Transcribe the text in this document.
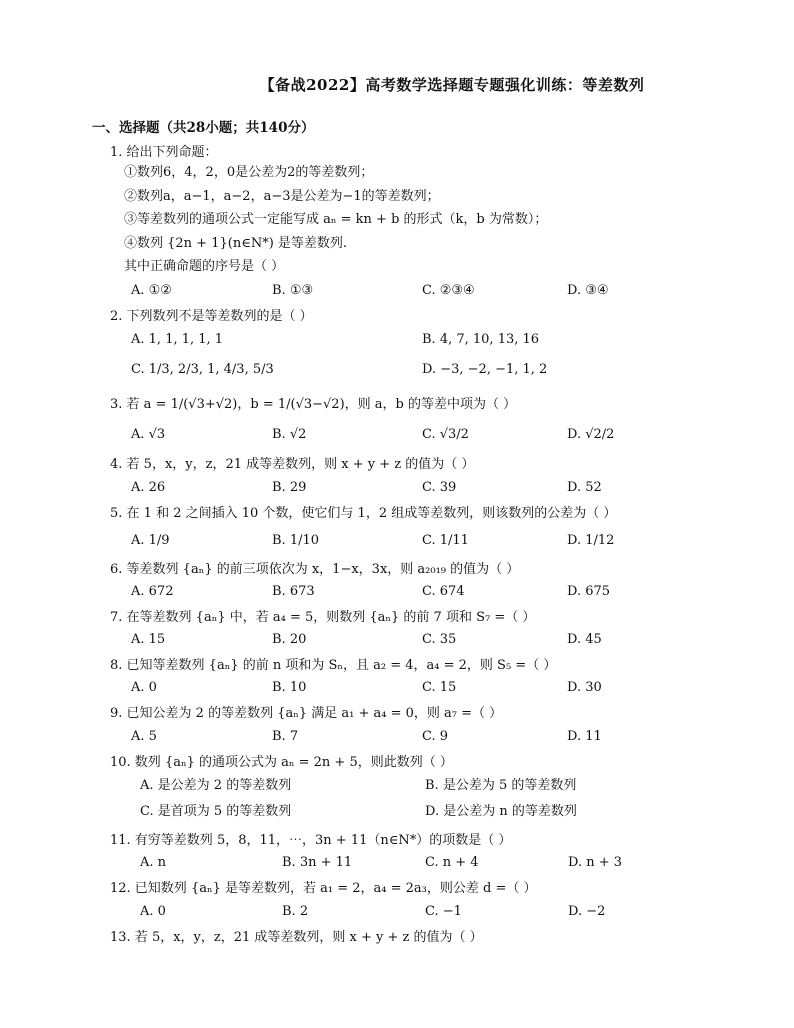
【备战2022】高考数学选择题专题强化训练：等差数列
一、选择题（共28小题；共140分）
1. 给出下列命题：
①数列6，4，2，0是公差为2的等差数列；
②数列a，a−1，a−2，a−3是公差为−1的等差数列；
③等差数列的通项公式一定能写成 aₙ = kn + b 的形式（k，b 为常数）；
④数列 {2n + 1}(n∈N*) 是等差数列.
其中正确命题的序号是（ ）
A. ①②	B. ①③	C. ②③④	D. ③④
2. 下列数列不是等差数列的是（ ）
A. 1, 1, 1, 1, 1	B. 4, 7, 10, 13, 16
C. 1/3, 2/3, 1, 4/3, 5/3	D. −3, −2, −1, 1, 2
3. 若 a = 1/(√3+√2)，b = 1/(√3−√2)，则 a，b 的等差中项为（ ）
A. √3	B. √2	C. √3/2	D. √2/2
4. 若 5，x，y，z，21 成等差数列，则 x + y + z 的值为（ ）
A. 26	B. 29	C. 39	D. 52
5. 在 1 和 2 之间插入 10 个数，使它们与 1，2 组成等差数列，则该数列的公差为（ ）
A. 1/9	B. 1/10	C. 1/11	D. 1/12
6. 等差数列 {aₙ} 的前三项依次为 x，1−x，3x，则 a₂₀₁₉ 的值为（ ）
A. 672	B. 673	C. 674	D. 675
7. 在等差数列 {aₙ} 中，若 a₄ = 5，则数列 {aₙ} 的前 7 项和 S₇ =（ ）
A. 15	B. 20	C. 35	D. 45
8. 已知等差数列 {aₙ} 的前 n 项和为 Sₙ，且 a₂ = 4，a₄ = 2，则 S₅ =（ ）
A. 0	B. 10	C. 15	D. 30
9. 已知公差为 2 的等差数列 {aₙ} 满足 a₁ + a₄ = 0，则 a₇ =（ ）
A. 5	B. 7	C. 9	D. 11
10. 数列 {aₙ} 的通项公式为 aₙ = 2n + 5，则此数列（ ）
A. 是公差为 2 的等差数列	B. 是公差为 5 的等差数列
C. 是首项为 5 的等差数列	D. 是公差为 n 的等差数列
11. 有穷等差数列 5，8，11，⋯，3n + 11（n∈N*）的项数是（ ）
A. n	B. 3n + 11	C. n + 4	D. n + 3
12. 已知数列 {aₙ} 是等差数列，若 a₁ = 2，a₄ = 2a₃，则公差 d =（ ）
A. 0	B. 2	C. −1	D. −2
13. 若 5，x，y，z，21 成等差数列，则 x + y + z 的值为（ ）
